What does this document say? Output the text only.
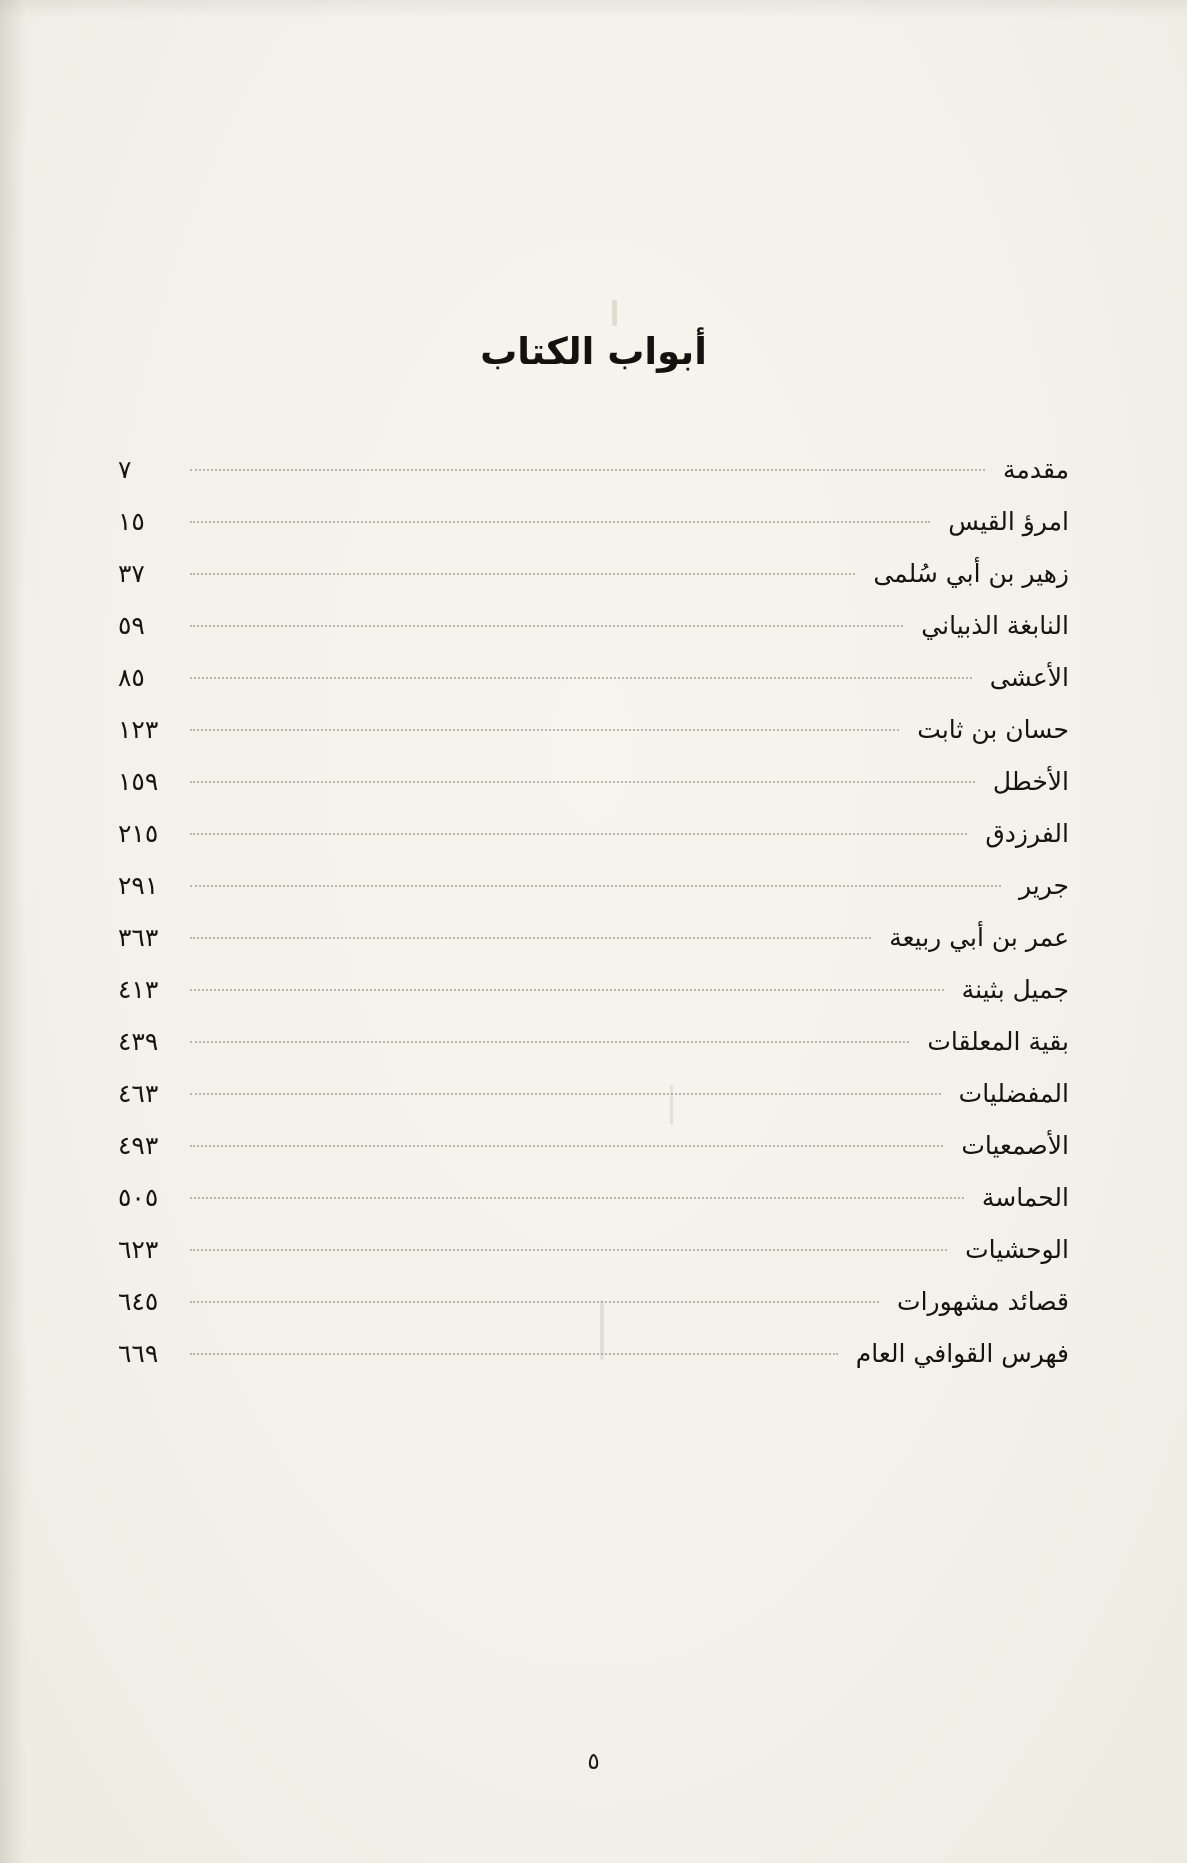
أبواب الكتاب
مقدمة
٧
امرؤ القيس
١٥
زهير بن أبي سُلمى
٣٧
النابغة الذبياني
٥٩
الأعشى
٨٥
حسان بن ثابت
١٢٣
الأخطل
١٥٩
الفرزدق
٢١٥
جرير
٢٩١
عمر بن أبي ربيعة
٣٦٣
جميل بثينة
٤١٣
بقية المعلقات
٤٣٩
المفضليات
٤٦٣
الأصمعيات
٤٩٣
الحماسة
٥٠٥
الوحشيات
٦٢٣
قصائد مشهورات
٦٤٥
فهرس القوافي العام
٦٦٩
٥
